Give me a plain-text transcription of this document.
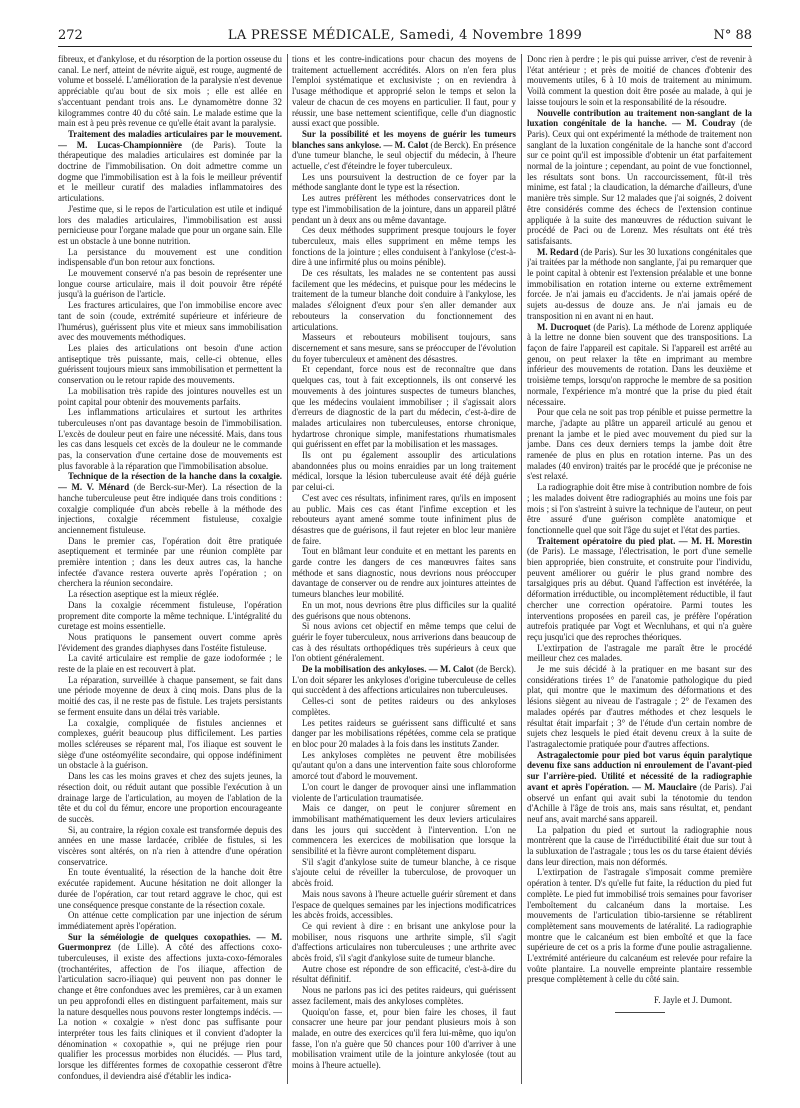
272	LA PRESSE MÉDICALE, Samedi, 4 Novembre 1899	N° 88

fibreux, et d'ankylose, et du résorption de la portion osseuse du canal. Le nerf, atteint de névrite aiguë, est rouge, augmenté de volume et bosselé. L'amélioration de la paralysie n'est devenue appréciable qu'au bout de six mois ; elle est allée en s'accentuant pendant trois ans. Le dynamomètre donne 32 kilogrammes contre 40 du côté sain. Le malade estime que la main est à peu près revenue ce qu'elle était avant la paralysie.

Traitement des maladies articulaires par le mouvement. — M. Lucas-Championnière (de Paris). Toute la thérapeutique des maladies articulaires est dominée par la doctrine de l'immobilisation. On doit admettre comme un dogme que l'immobilisation est à la fois le meilleur préventif et le meilleur curatif des maladies inflammatoires des articulations.

J'estime que, si le repos de l'articulation est utile et indiqué lors des maladies articulaires, l'immobilisation est aussi pernicieuse pour l'organe malade que pour un organe sain. Elle est un obstacle à une bonne nutrition.

La persistance du mouvement est une condition indispensable d'un bon retour aux fonctions.

Le mouvement conservé n'a pas besoin de représenter une longue course articulaire, mais il doit pouvoir être répété jusqu'à la guérison de l'article.

Les fractures articulaires, que l'on immobilise encore avec tant de soin (coude, extrémité supérieure et inférieure de l'humérus), guérissent plus vite et mieux sans immobilisation avec des mouvements méthodiques.

Les plaies des articulations ont besoin d'une action antiseptique très puissante, mais, celle-ci obtenue, elles guérissent toujours mieux sans immobilisation et permettent la conservation ou le retour rapide des mouvements.

La mobilisation très rapide des jointures nouvelles est un point capital pour obtenir des mouvements parfaits.

Les inflammations articulaires et surtout les arthrites tuberculeuses n'ont pas davantage besoin de l'immobilisation. L'excès de douleur peut en faire une nécessité. Mais, dans tous les cas dans lesquels cet excès de la douleur ne le commande pas, la conservation d'une certaine dose de mouvements est plus favorable à la réparation que l'immobilisation absolue.

Technique de la résection de la hanche dans la coxalgie. — M. V. Ménard (de Berck-sur-Mer). La résection de la hanche tuberculeuse peut être indiquée dans trois conditions : coxalgie compliquée d'un abcès rebelle à la méthode des injections, coxalgie récemment fistuleuse, coxalgie anciennement fistuleuse.

Dans le premier cas, l'opération doit être pratiquée aseptiquement et terminée par une réunion complète par première intention ; dans les deux autres cas, la hanche infectée d'avance restera ouverte après l'opération ; on cherchera la réunion secondaire.

La résection aseptique est la mieux réglée.

Dans la coxalgie récemment fistuleuse, l'opération proprement dite comporte la même technique. L'intégralité du curetage est moins essentielle.

Nous pratiquons le pansement ouvert comme après l'évidement des grandes diaphyses dans l'ostéite fistuleuse.

La cavité articulaire est remplie de gaze iodoformée ; le reste de la plaie en est recouvert à plat.

La réparation, surveillée à chaque pansement, se fait dans une période moyenne de deux à cinq mois. Dans plus de la moitié des cas, il ne reste pas de fistule. Les trajets persistants se ferment ensuite dans un délai très variable.

La coxalgie, compliquée de fistules anciennes et complexes, guérit beaucoup plus difficilement. Les parties molles scléreuses se réparent mal, l'os iliaque est souvent le siège d'une ostéomyélite secondaire, qui oppose indéfiniment un obstacle à la guérison.

Dans les cas les moins graves et chez des sujets jeunes, la résection doit, ou réduit autant que possible l'exécution à un drainage large de l'articulation, au moyen de l'ablation de la tête et du col du fémur, encore une proportion encourageante de succès.

Si, au contraire, la région coxale est transformée depuis des années en une masse lardacée, criblée de fistules, si les viscères sont altérés, on n'a rien à attendre d'une opération conservatrice.

En toute éventualité, la résection de la hanche doit être exécutée rapidement. Aucune hésitation ne doit allonger la durée de l'opération, car tout retard aggrave le choc, qui est une conséquence presque constante de la résection coxale.

On atténue cette complication par une injection de sérum immédiatement après l'opération.

Sur la séméiologie de quelques coxopathies. — M. Guermonprez (de Lille). A côté des affections coxo-tuberculeuses, il existe des affections juxta-coxo-fémorales (trochantérites, affection de l'os iliaque, affection de l'articulation sacro-iliaque) qui peuvent non pas donner le change et être confondues avec les premières, car à un examen un peu approfondi elles en distinguent parfaitement, mais sur la nature desquelles nous pouvons rester longtemps indécis. — La notion « coxalgie » n'est donc pas suffisante pour interpréter tous les faits cliniques et il convient d'adopter la dénomination « coxopathie », qui ne préjuge rien pour qualifier les processus morbides non élucidés. — Plus tard, lorsque les différentes formes de coxopathie cesseront d'être confondues, il deviendra aisé d'établir les indica-

tions et les contre-indications pour chacun des moyens de traitement actuellement accrédités. Alors on n'en fera plus l'emploi systématique et exclusiviste ; on en reviendra à l'usage méthodique et approprié selon le temps et selon la valeur de chacun de ces moyens en particulier. Il faut, pour y réussir, une base nettement scientifique, celle d'un diagnostic aussi exact que possible.

Sur la possibilité et les moyens de guérir les tumeurs blanches sans ankylose. — M. Calot (de Berck). En présence d'une tumeur blanche, le seul objectif du médecin, à l'heure actuelle, c'est d'éteindre le foyer tuberculeux.

Les uns poursuivent la destruction de ce foyer par la méthode sanglante dont le type est la résection.

Les autres préfèrent les méthodes conservatrices dont le type est l'immobilisation de la jointure, dans un appareil plâtré pendant un à deux ans ou même davantage.

Ces deux méthodes suppriment presque toujours le foyer tuberculeux, mais elles suppriment en même temps les fonctions de la jointure ; elles conduisent à l'ankylose (c'est-à-dire à une infirmité plus ou moins pénible).

De ces résultats, les malades ne se contentent pas aussi facilement que les médecins, et puisque pour les médecins le traitement de la tumeur blanche doit conduire à l'ankylose, les malades s'éloignent d'eux pour s'en aller demander aux rebouteurs la conservation du fonctionnement des articulations.

Masseurs et rebouteurs mobilisent toujours, sans discernement et sans mesure, sans se préoccuper de l'évolution du foyer tuberculeux et amènent des désastres.

Et cependant, force nous est de reconnaître que dans quelques cas, tout à fait exceptionnels, ils ont conservé les mouvements à des jointures suspectes de tumeurs blanches, que les médecins voulaient immobiliser ; il s'agissait alors d'erreurs de diagnostic de la part du médecin, c'est-à-dire de malades articulaires non tuberculeuses, entorse chronique, hydartrose chronique simple, manifestations rhumatismales qui guérissent en effet par la mobilisation et les massages.

Ils ont pu également assouplir des articulations abandonnées plus ou moins enraidies par un long traitement médical, lorsque la lésion tuberculeuse avait été déjà guérie par celui-ci.

C'est avec ces résultats, infiniment rares, qu'ils en imposent au public. Mais ces cas étant l'infime exception et les rebouteurs ayant amené somme toute infiniment plus de désastres que de guérisons, il faut rejeter en bloc leur manière de faire.

Tout en blâmant leur conduite et en mettant les parents en garde contre les dangers de ces manœuvres faites sans méthode et sans diagnostic, nous devrions nous préoccuper davantage de conserver ou de rendre aux jointures atteintes de tumeurs blanches leur mobilité.

En un mot, nous devrions être plus difficiles sur la qualité des guérisons que nous obtenons.

Si nous avions cet objectif en même temps que celui de guérir le foyer tuberculeux, nous arriverions dans beaucoup de cas à des résultats orthopédiques très supérieurs à ceux que l'on obtient généralement.

De la mobilisation des ankyloses. — M. Calot (de Berck). L'on doit séparer les ankyloses d'origine tuberculeuse de celles qui succèdent à des affections articulaires non tuberculeuses.

Celles-ci sont de petites raideurs ou des ankyloses complètes.

Les petites raideurs se guérissent sans difficulté et sans danger par les mobilisations répétées, comme cela se pratique en bloc pour 20 malades à la fois dans les instituts Zander.

Les ankyloses complètes ne peuvent être mobilisées qu'autant qu'on a dans une intervention faite sous chloroforme amorcé tout d'abord le mouvement.

L'on court le danger de provoquer ainsi une inflammation violente de l'articulation traumatisée.

Mais ce danger, on peut le conjurer sûrement en immobilisant mathématiquement les deux leviers articulaires dans les jours qui succèdent à l'intervention. L'on ne commencera les exercices de mobilisation que lorsque la sensibilité et la fièvre auront complètement disparu.

S'il s'agit d'ankylose suite de tumeur blanche, à ce risque s'ajoute celui de réveiller la tuberculose, de provoquer un abcès froid.

Mais nous savons à l'heure actuelle guérir sûrement et dans l'espace de quelques semaines par les injections modificatrices les abcès froids, accessibles.

Ce qui revient à dire : en brisant une ankylose pour la mobiliser, nous risquons une arthrite simple, s'il s'agit d'affections articulaires non tuberculeuses ; une arthrite avec abcès froid, s'il s'agit d'ankylose suite de tumeur blanche.

Autre chose est répondre de son efficacité, c'est-à-dire du résultat définitif.

Nous ne parlons pas ici des petites raideurs, qui guérissent assez facilement, mais des ankyloses complètes.

Quoiqu'on fasse, et, pour bien faire les choses, il faut consacrer une heure par jour pendant plusieurs mois à son malade, en outre des exercices qu'il fera lui-même, quo iqu'on fasse, l'on n'a guère que 50 chances pour 100 d'arriver à une mobilisation vraiment utile de la jointure ankylosée (tout au moins à l'heure actuelle).

Donc rien à perdre ; le pis qui puisse arriver, c'est de revenir à l'état antérieur ; et près de moitié de chances d'obtenir des mouvements utiles, 6 à 10 mois de traitement au minimum. Voilà comment la question doit être posée au malade, à qui je laisse toujours le soin et la responsabilité de la résoudre.

Nouvelle contribution au traitement non-sanglant de la luxation congénitale de la hanche. — M. Coudray (de Paris). Ceux qui ont expérimenté la méthode de traitement non sanglant de la luxation congénitale de la hanche sont d'accord sur ce point qu'il est impossible d'obtenir un état parfaitement normal de la jointure ; cependant, au point de vue fonctionnel, les résultats sont bons. Un raccourcissement, fût-il très minime, est fatal ; la claudication, la démarche d'ailleurs, d'une manière très simple. Sur 12 malades que j'ai soignés, 2 doivent être considérés comme des échecs de l'extension continue appliquée à la suite des manœuvres de réduction suivant le procédé de Paci ou de Lorenz. Mes résultats ont été très satisfaisants.

M. Redard (de Paris). Sur les 30 luxations congénitales que j'ai traitées par la méthode non sanglante, j'ai pu remarquer que le point capital à obtenir est l'extension préalable et une bonne immobilisation en rotation interne ou externe extrêmement forcée. Je n'ai jamais eu d'accidents. Je n'ai jamais opéré de sujets au-dessus de douze ans. Je n'ai jamais eu de transposition ni en avant ni en haut.

M. Ducroquet (de Paris). La méthode de Lorenz appliquée à la lettre ne donne bien souvent que des transpositions. La façon de faire l'appareil est capitale. Si l'appareil est arrêté au genou, on peut relaxer la tête en imprimant au membre inférieur des mouvements de rotation. Dans les deuxième et troisième temps, lorsqu'on rapproche le membre de sa position normale, l'expérience m'a montré que la prise du pied était nécessaire.

Pour que cela ne soit pas trop pénible et puisse permettre la marche, j'adapte au plâtre un appareil articulé au genou et prenant la jambe et le pied avec mouvement du pied sur la jambe. Dans ces deux derniers temps la jambe doit être ramenée de plus en plus en rotation interne. Pas un des malades (40 environ) traités par le procédé que je préconise ne s'est relaxé.

La radiographie doit être mise à contribution nombre de fois ; les malades doivent être radiographiés au moins une fois par mois ; si l'on s'astreint à suivre la technique de l'auteur, on peut être assuré d'une guérison complète anatomique et fonctionnelle quel que soit l'âge du sujet et l'état des parties.

Traitement opératoire du pied plat. — M. H. Morestin (de Paris). Le massage, l'électrisation, le port d'une semelle bien appropriée, bien construite, et construite pour l'individu, peuvent améliorer ou guérir le plus grand nombre des tarsalgiques pris au début. Quand l'affection est invétérée, la déformation irréductible, ou incomplètement réductible, il faut chercher une correction opératoire. Parmi toutes les interventions proposées en pareil cas, je préfère l'opération autrefois pratiquée par Vogt et Wecnluhans, et qui n'a guère reçu jusqu'ici que des reproches théoriques.

L'extirpation de l'astragale me paraît être le procédé meilleur chez ces malades.

Je me suis décidé à la pratiquer en me basant sur des considérations tirées 1° de l'anatomie pathologique du pied plat, qui montre que le maximum des déformations et des lésions siègent au niveau de l'astragale ; 2° de l'examen des malades opérés par d'autres méthodes et chez lesquels le résultat était imparfait ; 3° de l'étude d'un certain nombre de sujets chez lesquels le pied était devenu creux à la suite de l'astragalectomie pratiquée pour d'autres affections.

Astragalectomie pour pied bot varus équin paralytique devenu fixe sans adduction ni enroulement de l'avant-pied sur l'arrière-pied. Utilité et nécessité de la radiographie avant et après l'opération. — M. Mauclaire (de Paris). J'ai observé un enfant qui avait subi la ténotomie du tendon d'Achille à l'âge de trois ans, mais sans résultat, et, pendant neuf ans, avait marché sans appareil.

La palpation du pied et surtout la radiographie nous montrèrent que la cause de l'irréductibilité était due sur tout à la subluxation de l'astragale ; tous les os du tarse étaient déviés dans leur direction, mais non déformés.

L'extirpation de l'astragale s'imposait comme première opération à tenter. D's qu'elle fut faite, la réduction du pied fut complète. Le pied fut immobilisé trois semaines pour favoriser l'emboîtement du calcanéum dans la mortaise. Les mouvements de l'articulation tibio-tarsienne se rétablirent complètement sans mouvements de latéralité. La radiographie montre que le calcanéum est bien emboîté et que la face supérieure de cet os a pris la forme d'une poulie astragalienne. L'extrémité antérieure du calcanéum est relevée pour refaire la voûte plantaire. La nouvelle empreinte plantaire ressemble presque complètement à celle du côté sain.

F. Jayle et J. Dumont.
